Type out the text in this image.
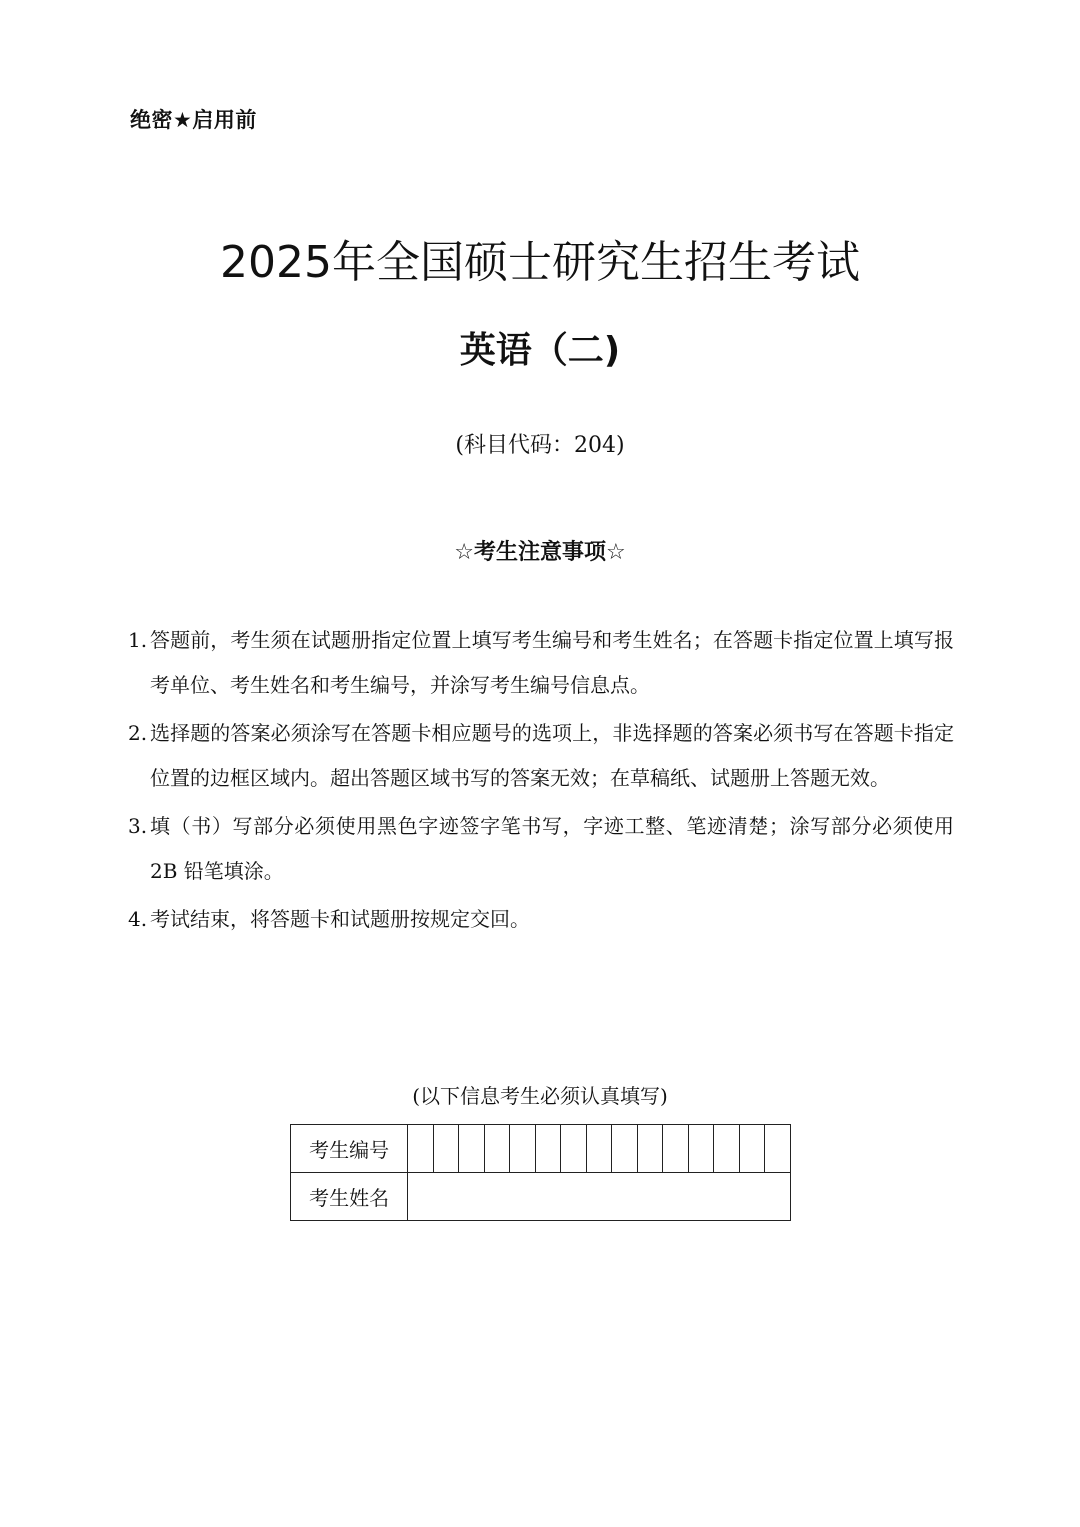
绝密★启用前
2025年全国硕士研究生招生考试
英语（二)
(科目代码：204)
☆考生注意事项☆
1. 答题前，考生须在试题册指定位置上填写考生编号和考生姓名；在答题卡指定位置上填写报考单位、考生姓名和考生编号，并涂写考生编号信息点。
2. 选择题的答案必须涂写在答题卡相应题号的选项上，非选择题的答案必须书写在答题卡指定位置的边框区域内。超出答题区域书写的答案无效；在草稿纸、试题册上答题无效。
3. 填（书）写部分必须使用黑色字迹签字笔书写，字迹工整、笔迹清楚；涂写部分必须使用2B 铅笔填涂。
4. 考试结束，将答题卡和试题册按规定交回。
(以下信息考生必须认真填写)
考生编号															
考生姓名															
